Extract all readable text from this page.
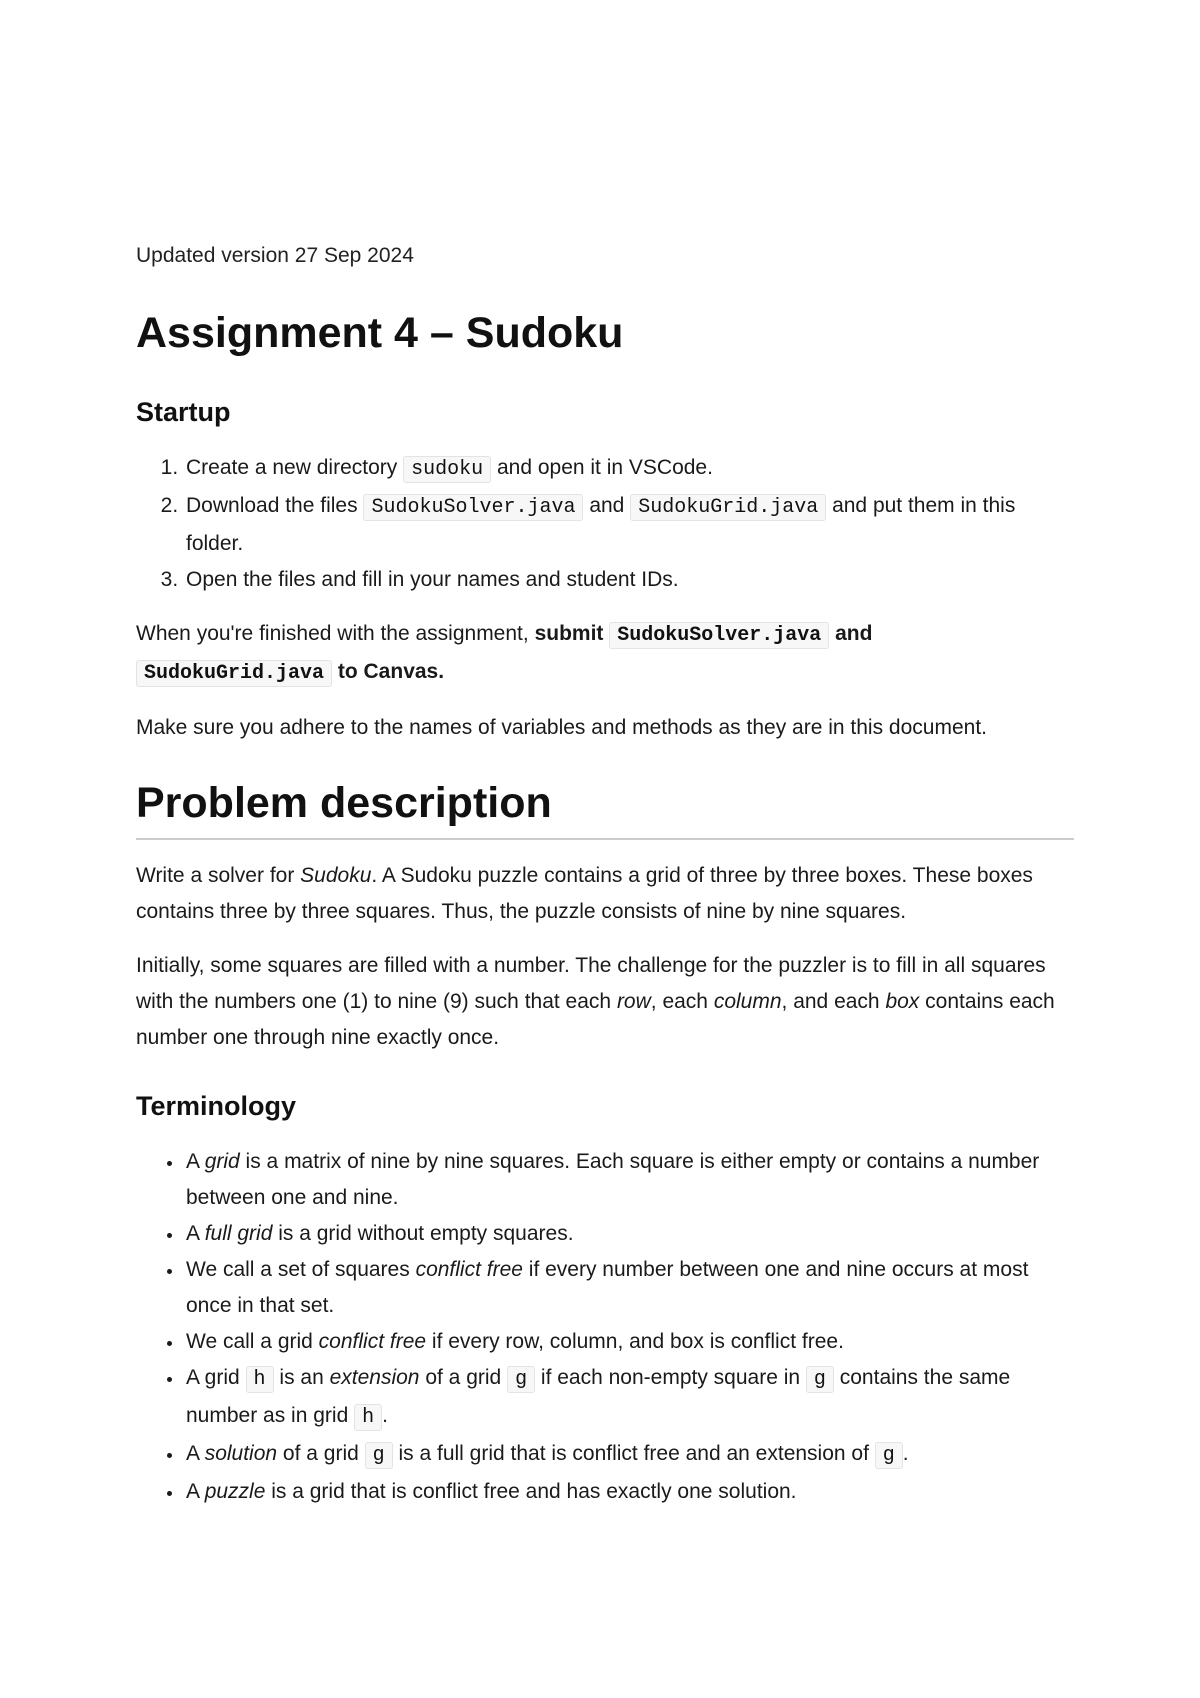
Updated version 27 Sep 2024

Assignment 4 – Sudoku
Startup
1. Create a new directory sudoku and open it in VSCode.
2. Download the files SudokuSolver.java and SudokuGrid.java and put them in this folder.
3. Open the files and fill in your names and student IDs.

When you're finished with the assignment, submit SudokuSolver.java and
SudokuGrid.java to Canvas.

Make sure you adhere to the names of variables and methods as they are in this document.

Problem description

Write a solver for Sudoku. A Sudoku puzzle contains a grid of three by three boxes. These boxes contains three by three squares. Thus, the puzzle consists of nine by nine squares.

Initially, some squares are filled with a number. The challenge for the puzzler is to fill in all squares with the numbers one (1) to nine (9) such that each row, each column, and each box contains each number one through nine exactly once.

Terminology
• A grid is a matrix of nine by nine squares. Each square is either empty or contains a number between one and nine.
• A full grid is a grid without empty squares.
• We call a set of squares conflict free if every number between one and nine occurs at most once in that set.
• We call a grid conflict free if every row, column, and box is conflict free.
• A grid h is an extension of a grid g if each non-empty square in g contains the same number as in grid h .
• A solution of a grid g is a full grid that is conflict free and an extension of g .
• A puzzle is a grid that is conflict free and has exactly one solution.
